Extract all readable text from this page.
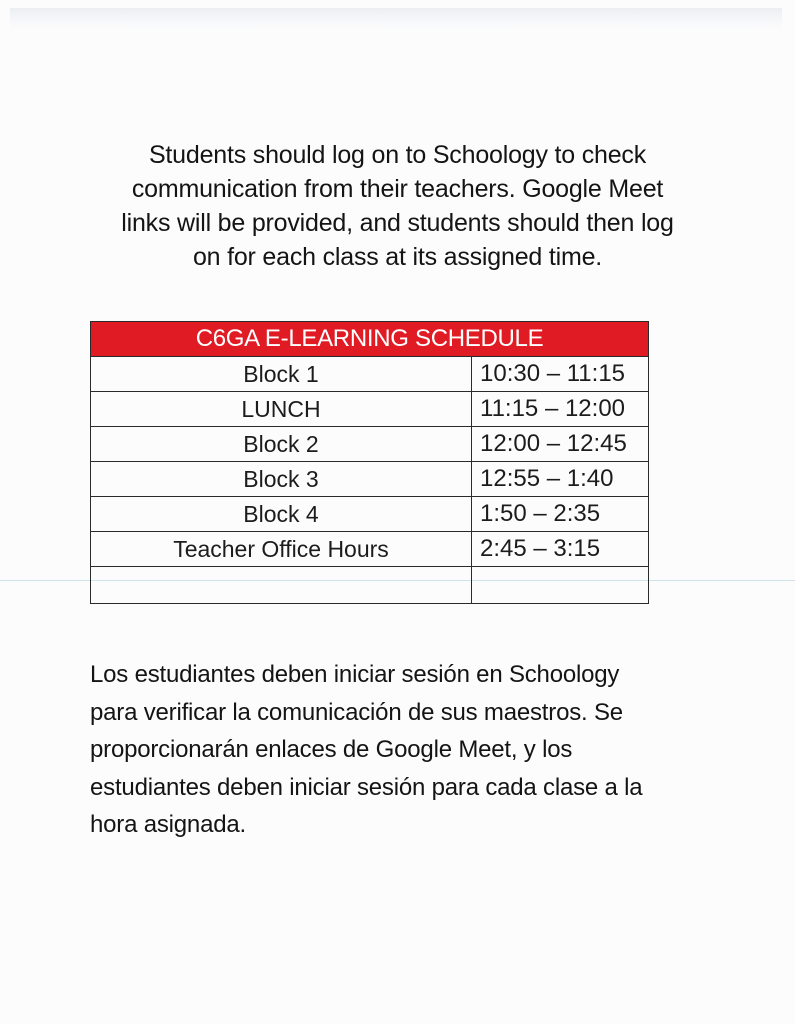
Students should log on to Schoology to check
communication from their teachers. Google Meet
links will be provided, and students should then log
on for each class at its assigned time.
C6GA E-LEARNING SCHEDULE	
Block 1	10:30 – 11:15
LUNCH	11:15 – 12:00
Block 2	12:00 – 12:45
Block 3	12:55 – 1:40
Block 4	1:50 – 2:35
Teacher Office Hours	2:45 – 3:15

Los estudiantes deben iniciar sesión en Schoology
para verificar la comunicación de sus maestros. Se
proporcionarán enlaces de Google Meet, y los
estudiantes deben iniciar sesión para cada clase a la
hora asignada.
